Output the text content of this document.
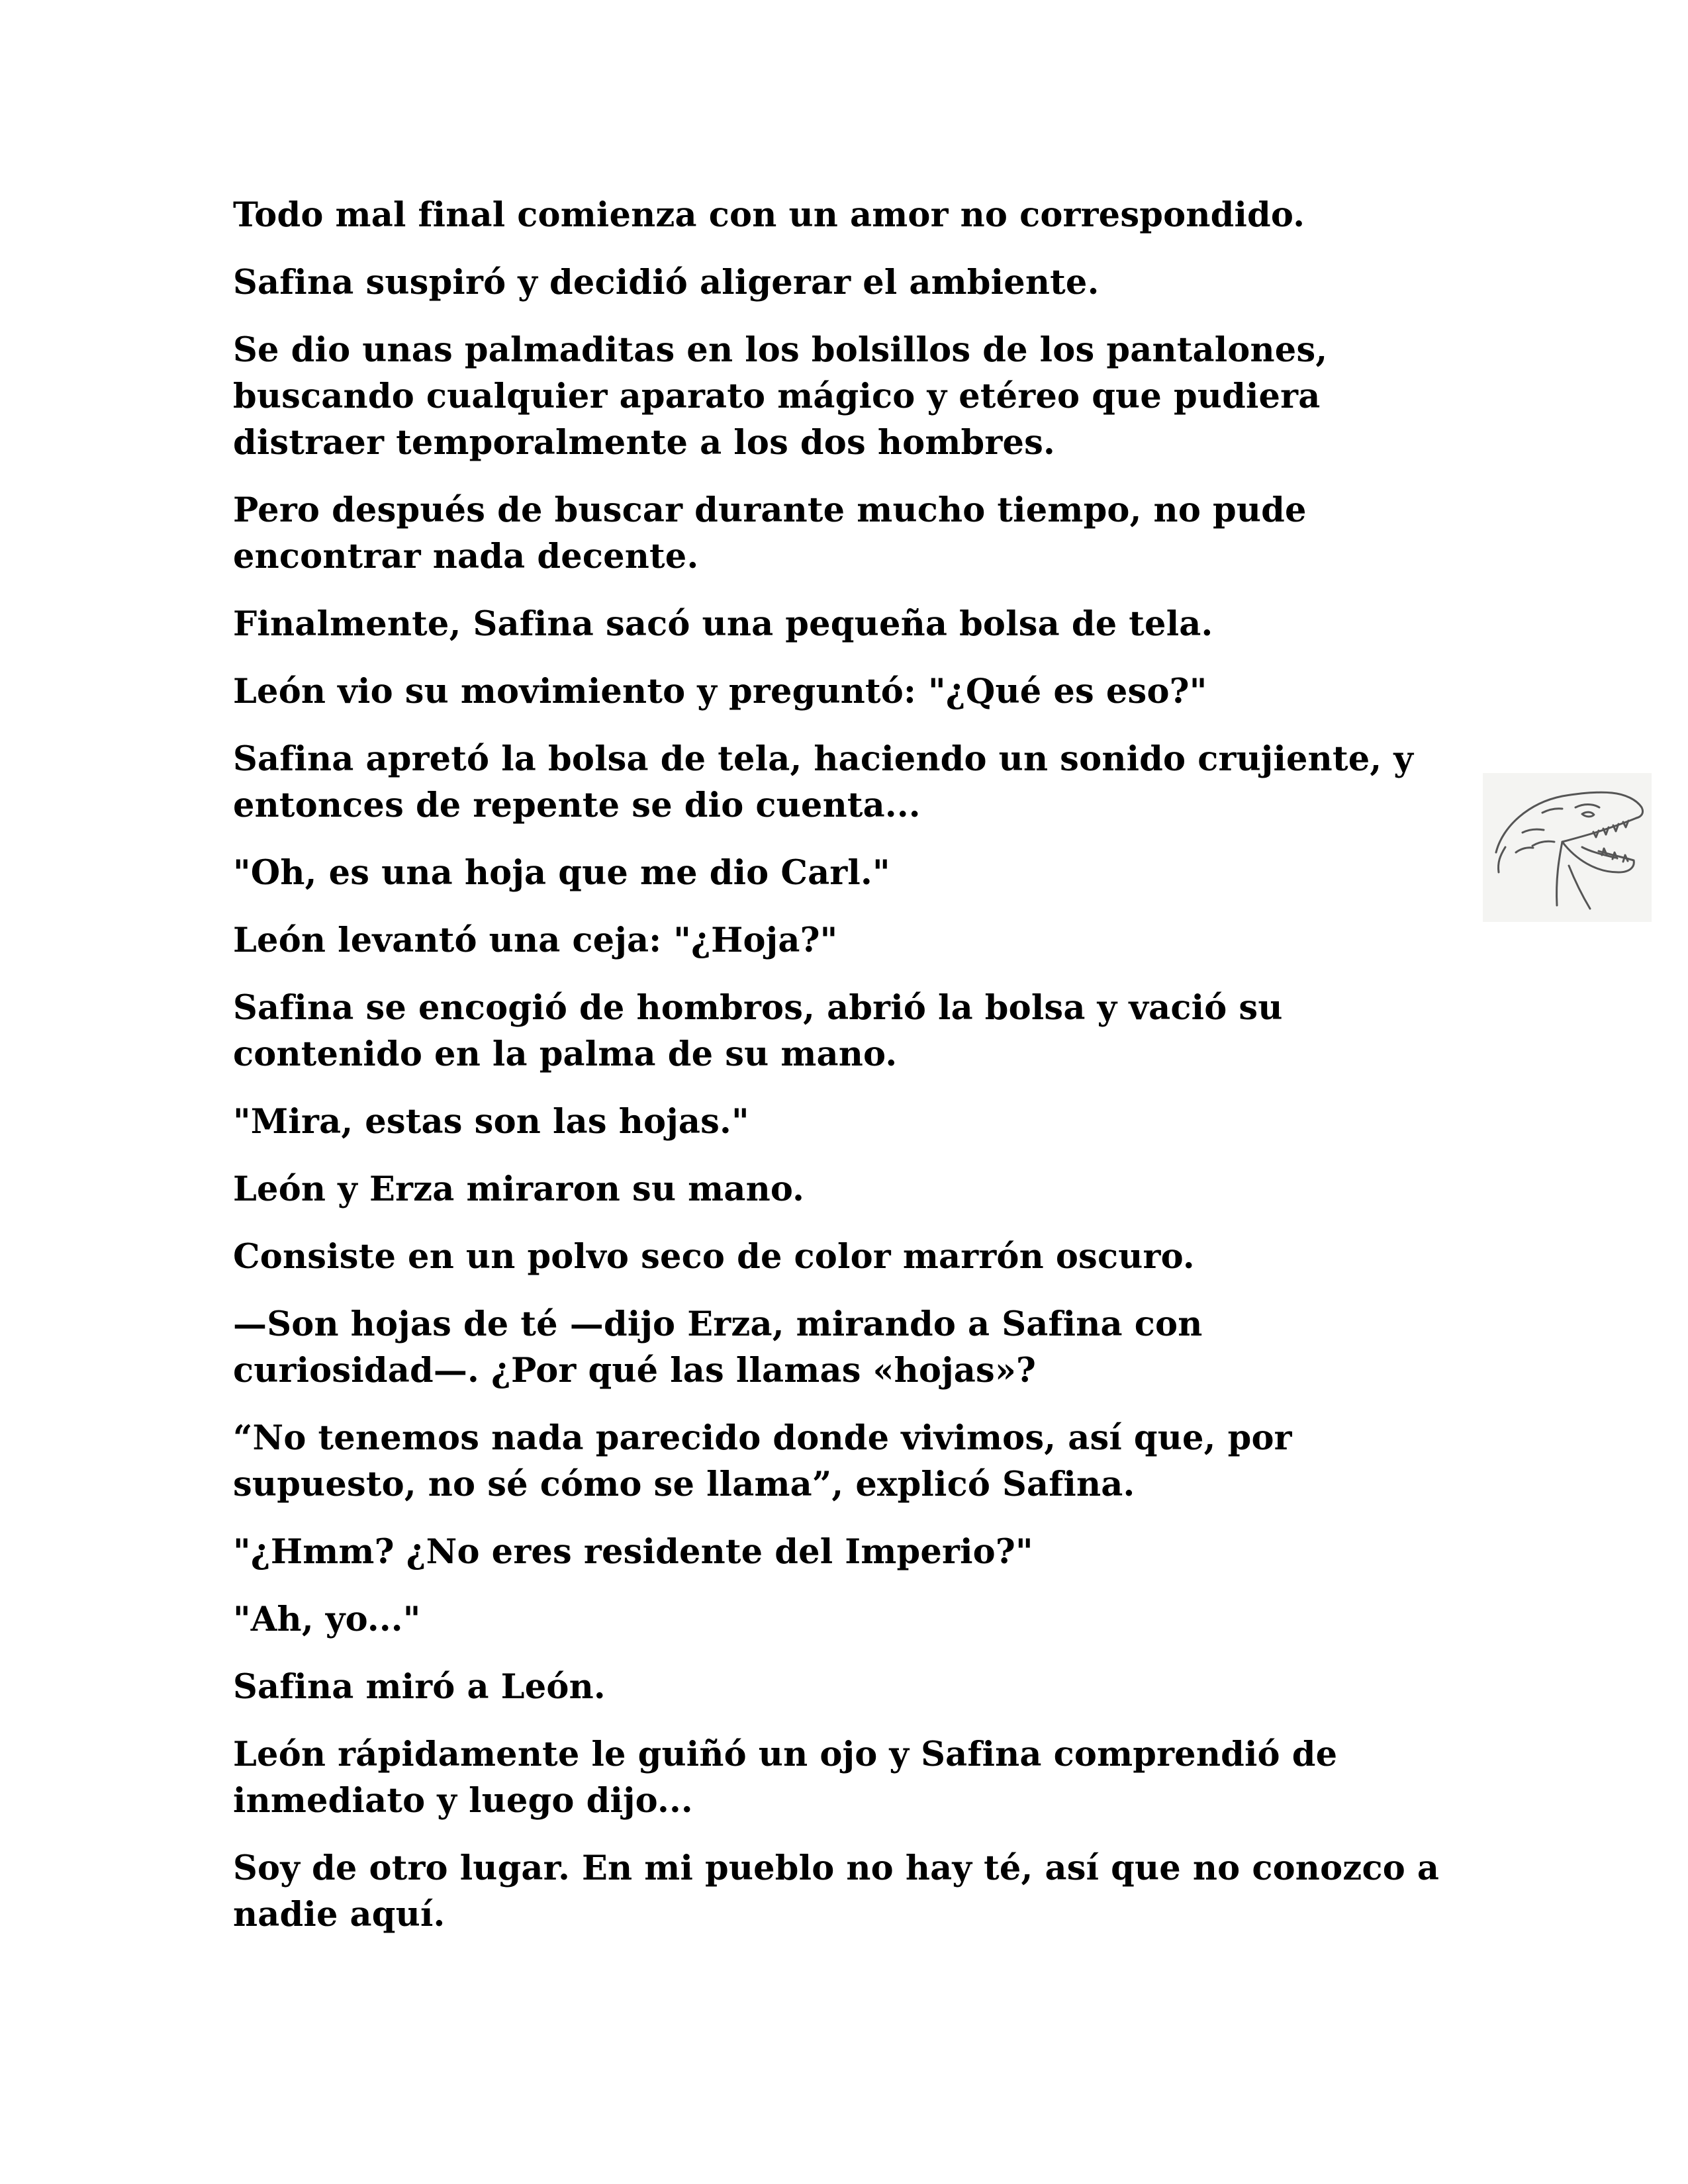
Todo mal final comienza con un amor no correspondido.

Safina suspiró y decidió aligerar el ambiente.

Se dio unas palmaditas en los bolsillos de los pantalones,
buscando cualquier aparato mágico y etéreo que pudiera
distraer temporalmente a los dos hombres.

Pero después de buscar durante mucho tiempo, no pude
encontrar nada decente.

Finalmente, Safina sacó una pequeña bolsa de tela.

León vio su movimiento y preguntó: "¿Qué es eso?"

Safina apretó la bolsa de tela, haciendo un sonido crujiente, y
entonces de repente se dio cuenta...

"Oh, es una hoja que me dio Carl."

León levantó una ceja: "¿Hoja?"

Safina se encogió de hombros, abrió la bolsa y vació su
contenido en la palma de su mano.

"Mira, estas son las hojas."

León y Erza miraron su mano.

Consiste en un polvo seco de color marrón oscuro.

—Son hojas de té —dijo Erza, mirando a Safina con
curiosidad—. ¿Por qué las llamas «hojas»?

“No tenemos nada parecido donde vivimos, así que, por
supuesto, no sé cómo se llama”, explicó Safina.

"¿Hmm? ¿No eres residente del Imperio?"

"Ah, yo..."

Safina miró a León.

León rápidamente le guiñó un ojo y Safina comprendió de
inmediato y luego dijo...

Soy de otro lugar. En mi pueblo no hay té, así que no conozco a
nadie aquí.
